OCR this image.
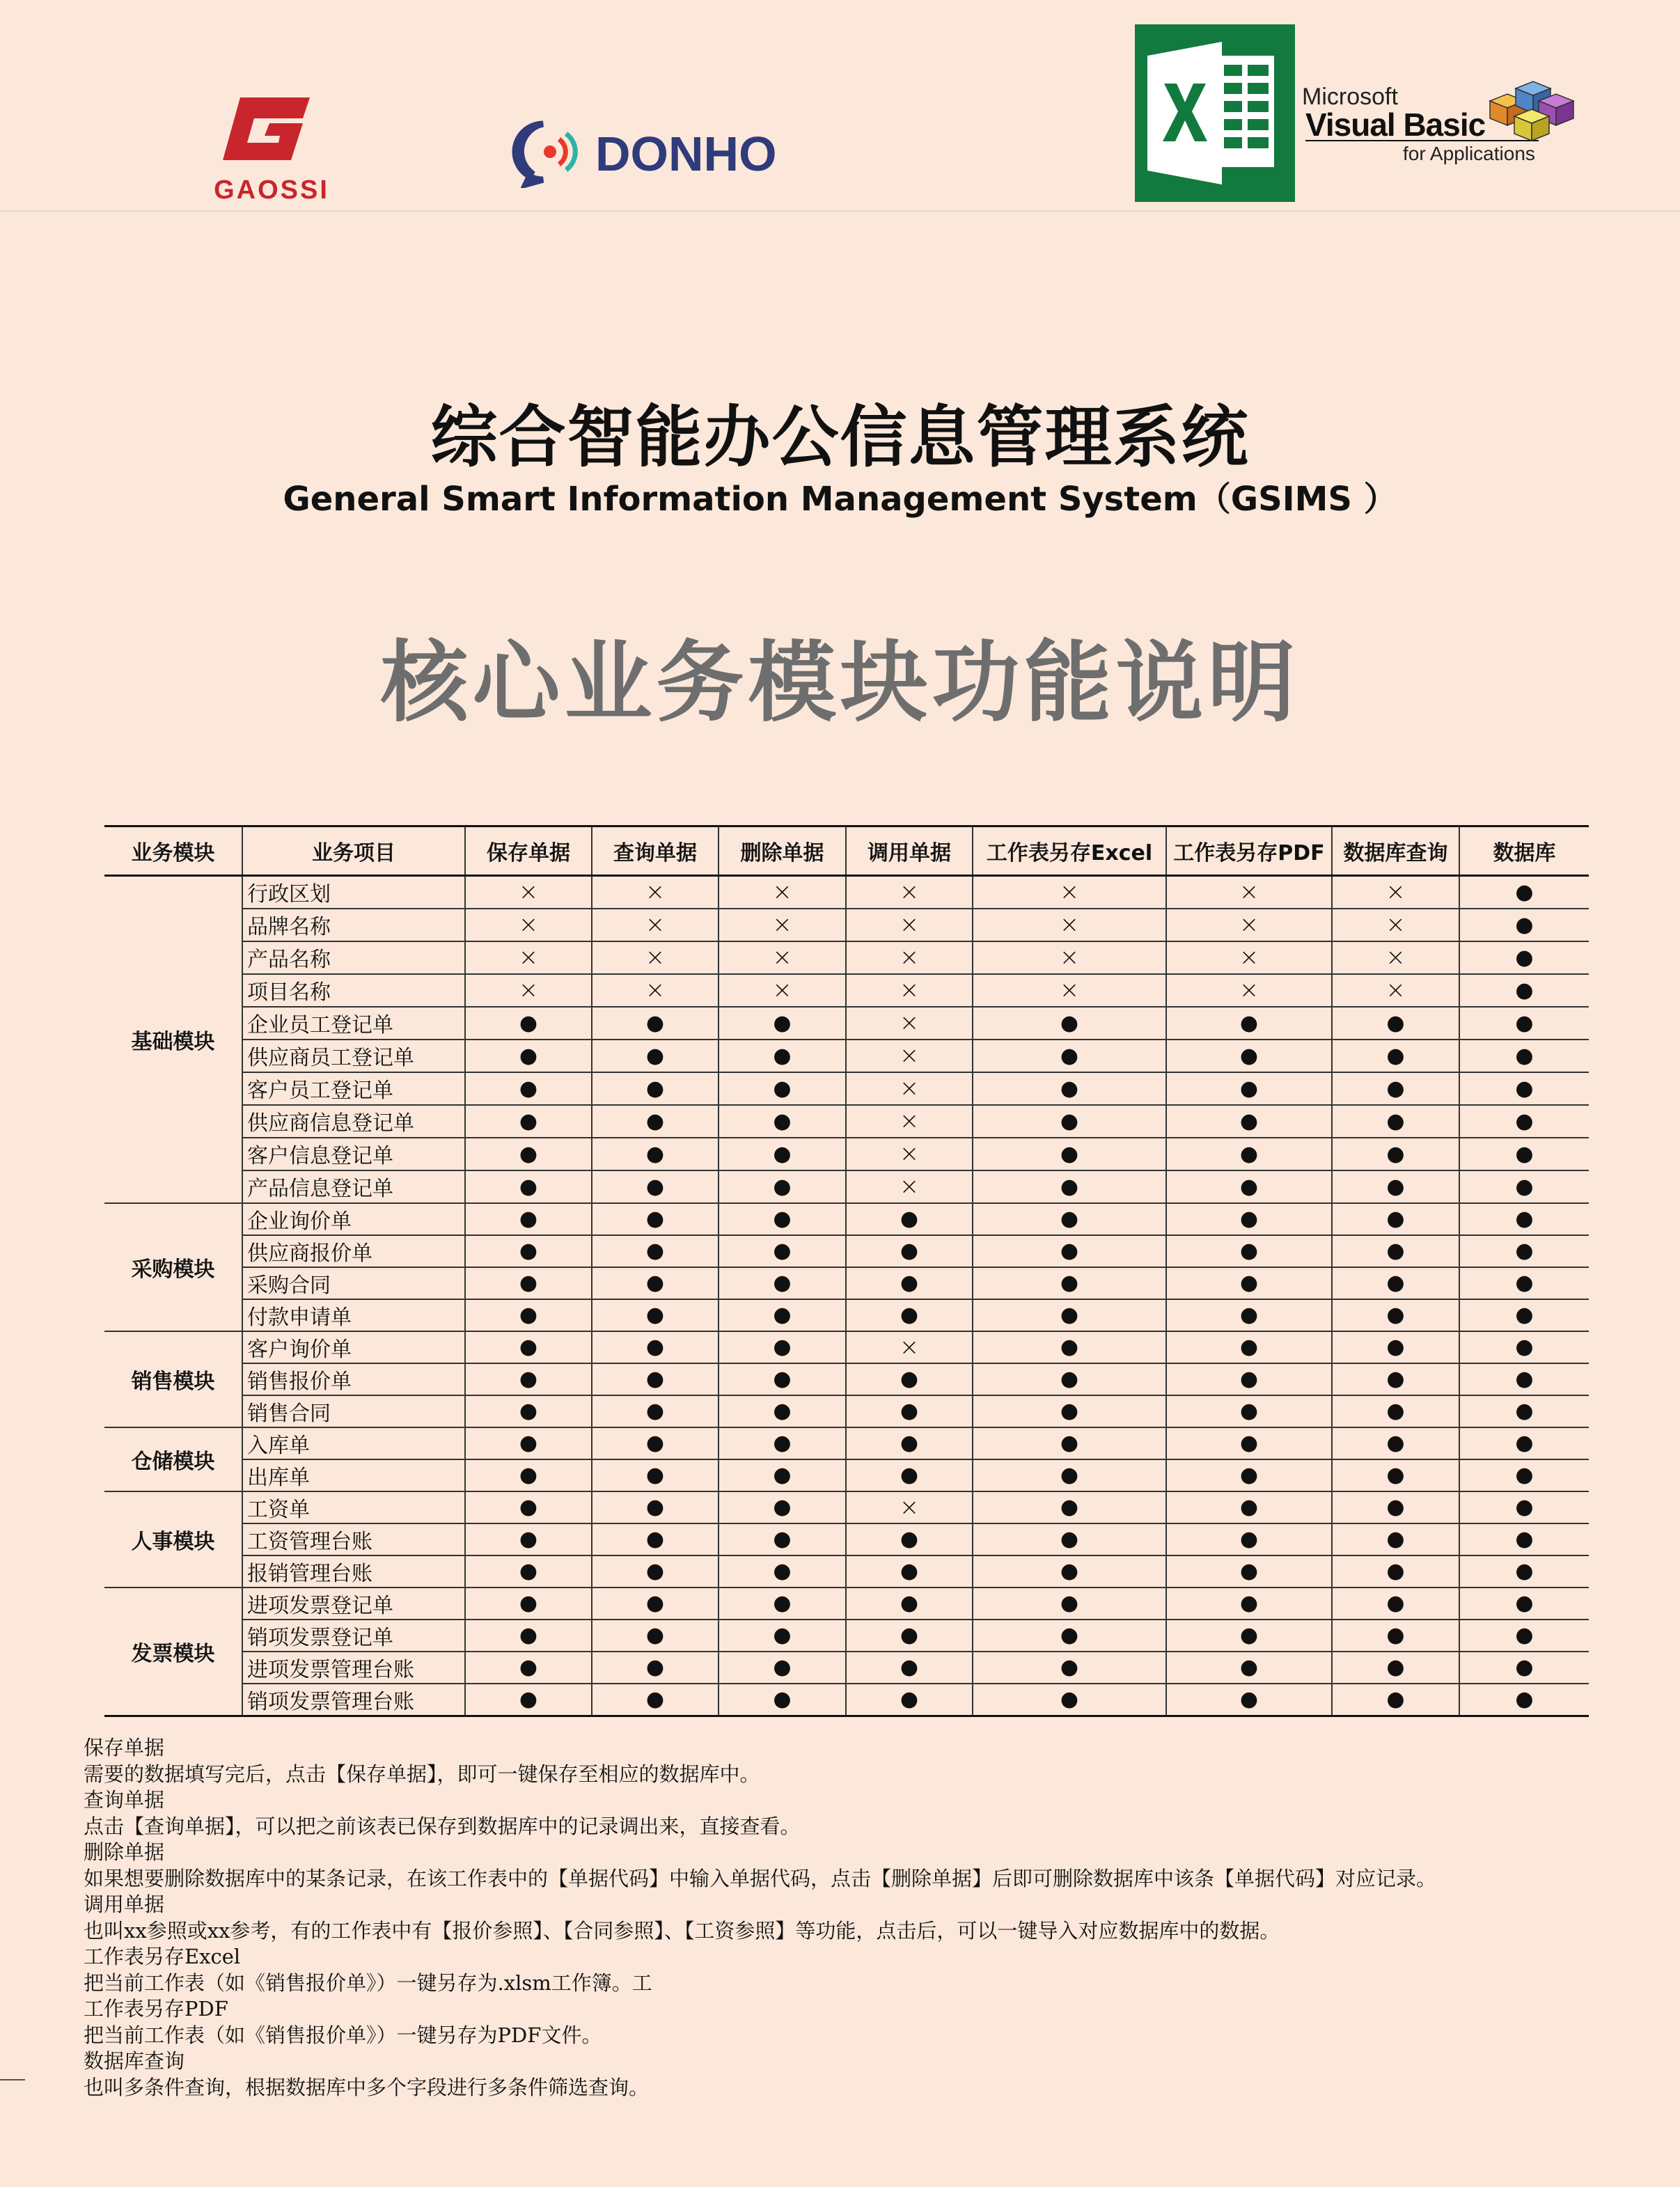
GAOSSI
DONHO
Microsoft
Visual Basic
for Applications
综合智能办公信息管理系统
General Smart Information Management System（GSIMS ）
核心业务模块功能说明
业务模块	业务项目	保存单据	查询单据	删除单据	调用单据	工作表另存Excel	工作表另存PDF	数据库查询	数据库
基础模块	行政区划	×	×	×	×	×	×	×	●
	品牌名称	×	×	×	×	×	×	×	●
	产品名称	×	×	×	×	×	×	×	●
	项目名称	×	×	×	×	×	×	×	●
	企业员工登记单	●	●	●	×	●	●	●	●
	供应商员工登记单	●	●	●	×	●	●	●	●
	客户员工登记单	●	●	●	×	●	●	●	●
	供应商信息登记单	●	●	●	×	●	●	●	●
	客户信息登记单	●	●	●	×	●	●	●	●
	产品信息登记单	●	●	●	×	●	●	●	●
采购模块	企业询价单	●	●	●	●	●	●	●	●
	供应商报价单	●	●	●	●	●	●	●	●
	采购合同	●	●	●	●	●	●	●	●
	付款申请单	●	●	●	●	●	●	●	●
销售模块	客户询价单	●	●	●	×	●	●	●	●
	销售报价单	●	●	●	●	●	●	●	●
	销售合同	●	●	●	●	●	●	●	●
仓储模块	入库单	●	●	●	●	●	●	●	●
	出库单	●	●	●	●	●	●	●	●
人事模块	工资单	●	●	●	×	●	●	●	●
	工资管理台账	●	●	●	●	●	●	●	●
	报销管理台账	●	●	●	●	●	●	●	●
发票模块	进项发票登记单	●	●	●	●	●	●	●	●
	销项发票登记单	●	●	●	●	●	●	●	●
	进项发票管理台账	●	●	●	●	●	●	●	●
	销项发票管理台账	●	●	●	●	●	●	●	●

保存单据

需要的数据填写完后，点击【保存单据】，即可一键保存至相应的数据库中。

查询单据

点击【查询单据】，可以把之前该表已保存到数据库中的记录调出来，直接查看。

删除单据

如果想要删除数据库中的某条记录，在该工作表中的【单据代码】中输入单据代码，点击【删除单据】后即可删除数据库中该条【单据代码】对应记录。

调用单据

也叫xx参照或xx参考，有的工作表中有【报价参照】、【合同参照】、【工资参照】等功能，点击后，可以一键导入对应数据库中的数据。

工作表另存Excel

把当前工作表（如《销售报价单》）一键另存为.xlsm工作簿。工

工作表另存PDF

把当前工作表（如《销售报价单》）一键另存为PDF文件。

数据库查询

也叫多条件查询，根据数据库中多个字段进行多条件筛选查询。
